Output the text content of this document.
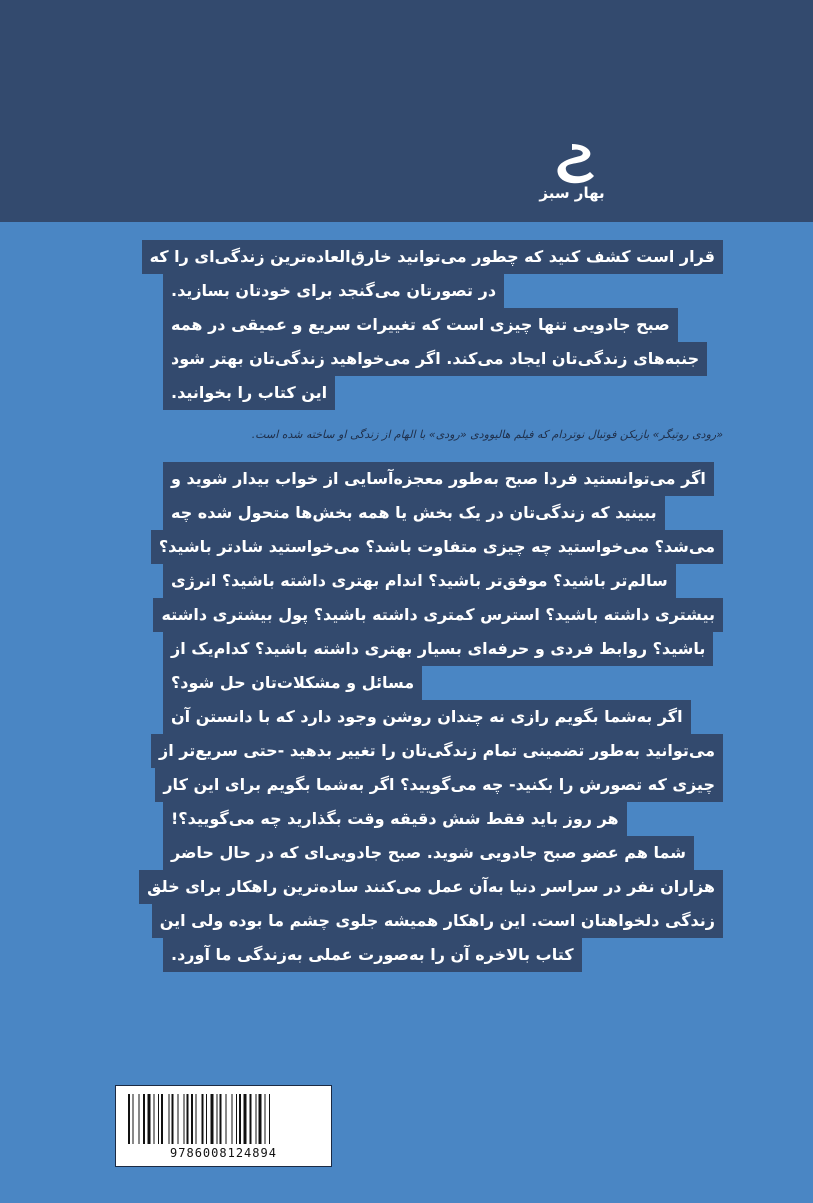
بهار سبز
قرار است کشف کنید که چطور می‌توانید خارق‌العاده‌ترین زندگی‌ای را که
در تصورتان می‌گنجد برای خودتان بسازید.
صبح جادویی تنها چیزی است که تغییرات سریع و عمیقی در همه
جنبه‌های زندگی‌تان ایجاد می‌کند. اگر می‌خواهید زندگی‌تان بهتر شود
این کتاب را بخوانید.
«رودی روتیگر» بازیکن فوتبال نوتردام که فیلم هالیوودی «رودی» با الهام از زندگی او ساخته شده است.
اگر می‌توانستید فردا صبح به‌طور معجزه‌آسایی از خواب بیدار شوید و
ببینید که زندگی‌تان در یک بخش یا همه بخش‌ها متحول شده چه
می‌شد؟ می‌خواستید چه چیزی متفاوت باشد؟ می‌خواستید شادتر باشید؟
سالم‌تر باشید؟ موفق‌تر باشید؟ اندام بهتری داشته باشید؟ انرژی
بیشتری داشته باشید؟ استرس کمتری داشته باشید؟ پول بیشتری داشته
باشید؟ روابط فردی و حرفه‌ای بسیار بهتری داشته باشید؟ کدام‌یک از
مسائل و مشکلات‌تان حل شود؟
اگر به‌شما بگویم رازی نه چندان روشن وجود دارد که با دانستن آن
می‌توانید به‌طور تضمینی تمام زندگی‌تان را تغییر بدهید -حتی سریع‌تر از
چیزی که تصورش را بکنید- چه می‌گویید؟ اگر به‌شما بگویم برای این کار
هر روز باید فقط شش دقیقه وقت بگذارید چه می‌گویید؟!
شما هم عضو صبح جادویی شوید. صبح جادویی‌ای که در حال حاضر
هزاران نفر در سراسر دنیا به‌آن عمل می‌کنند ساده‌ترین راهکار برای خلق
زندگی دلخواهتان است. این راهکار همیشه جلوی چشم ما بوده ولی این
کتاب بالاخره آن را به‌صورت عملی به‌زندگی ما آورد.
9786008124894
